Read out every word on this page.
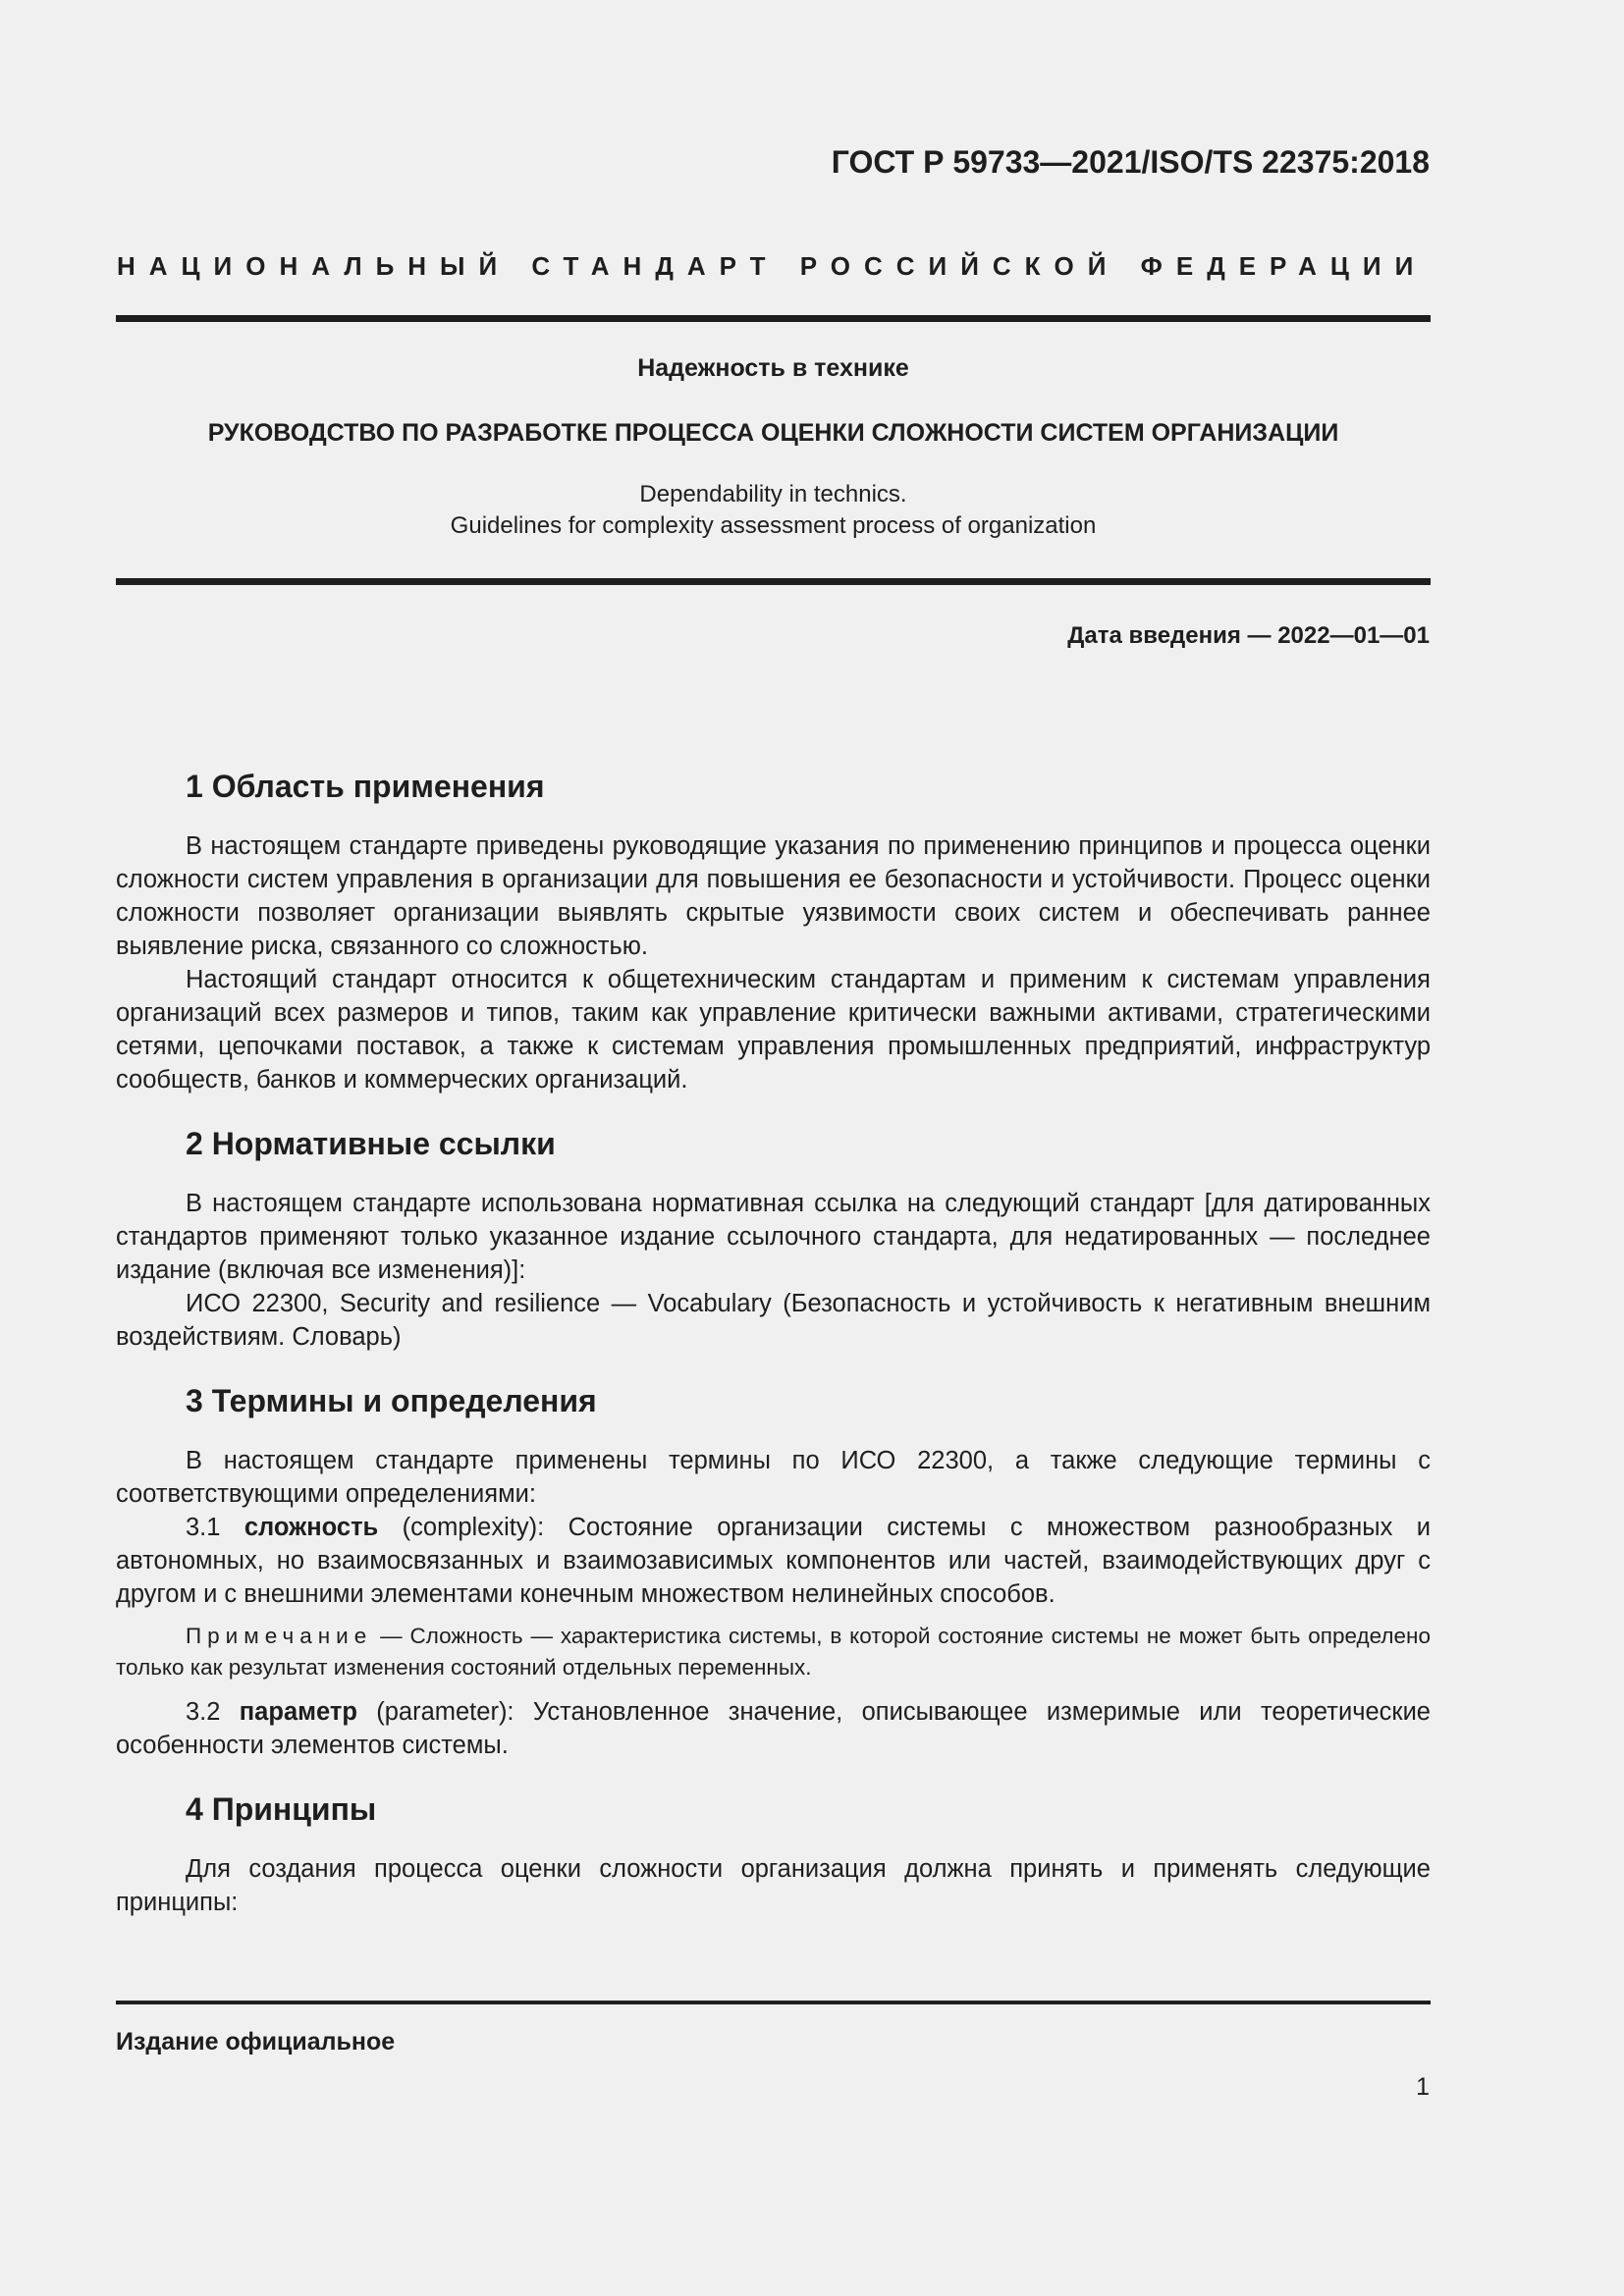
ГОСТ Р 59733—2021/ISO/TS 22375:2018
НАЦИОНАЛЬНЫЙ СТАНДАРТ РОССИЙСКОЙ ФЕДЕРАЦИИ
Надежность в технике
РУКОВОДСТВО ПО РАЗРАБОТКЕ ПРОЦЕССА ОЦЕНКИ СЛОЖНОСТИ СИСТЕМ ОРГАНИЗАЦИИ
Dependability in technics.
Guidelines for complexity assessment process of organization
Дата введения — 2022—01—01
1 Область применения

В настоящем стандарте приведены руководящие указания по применению принципов и процесса оценки сложности систем управления в организации для повышения ее безопасности и устойчивости. Процесс оценки сложности позволяет организации выявлять скрытые уязвимости своих систем и обеспечивать раннее выявление риска, связанного со сложностью.

Настоящий стандарт относится к общетехническим стандартам и применим к системам управления организаций всех размеров и типов, таким как управление критически важными активами, стратегическими сетями, цепочками поставок, а также к системам управления промышленных предприятий, инфраструктур сообществ, банков и коммерческих организаций.

2 Нормативные ссылки

В настоящем стандарте использована нормативная ссылка на следующий стандарт [для датированных стандартов применяют только указанное издание ссылочного стандарта, для недатированных — последнее издание (включая все изменения)]:

ИСО 22300, Security and resilience — Vocabulary (Безопасность и устойчивость к негативным внешним воздействиям. Словарь)

3 Термины и определения

В настоящем стандарте применены термины по ИСО 22300, а также следующие термины с соответствующими определениями:

3.1 сложность (complexity): Состояние организации системы с множеством разнообразных и автономных, но взаимосвязанных и взаимозависимых компонентов или частей, взаимодействующих друг с другом и с внешними элементами конечным множеством нелинейных способов.

Примечание — Сложность — характеристика системы, в которой состояние системы не может быть определено только как результат изменения состояний отдельных переменных.

3.2 параметр (parameter): Установленное значение, описывающее измеримые или теоретические особенности элементов системы.

4 Принципы

Для создания процесса оценки сложности организация должна принять и применять следующие принципы:

Издание официальное
1
